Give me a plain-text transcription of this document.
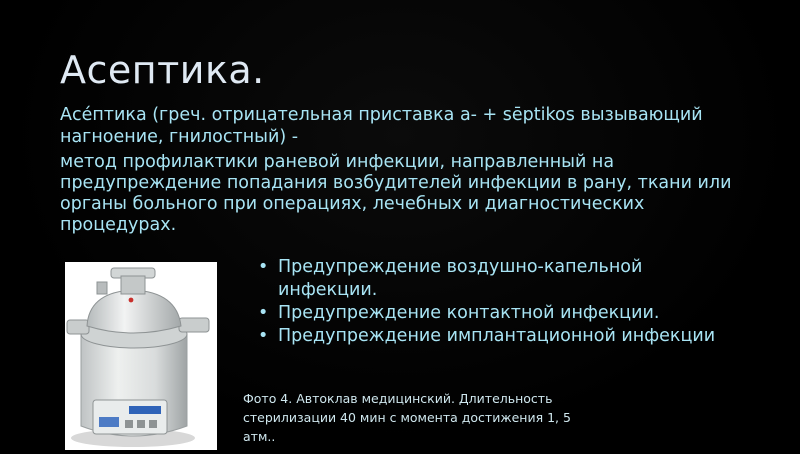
Асептика.
Асе́птика (греч. отрицательная приставка а- + sēptikos вызывающий нагноение, гнилостный) -
метод профилактики раневой инфекции, направленный на предупреждение попадания возбудителей инфекции в рану, ткани или органы больного при операциях, лечебных и диагностических процедурах.
• Предупреждение воздушно-капельной инфекции.
• Предупреждение контактной инфекции.
• Предупреждение имплантационной инфекции
Фото 4. Автоклав медицинский. Длительность стерилизации 40 мин с момента достижения 1, 5 атм..
